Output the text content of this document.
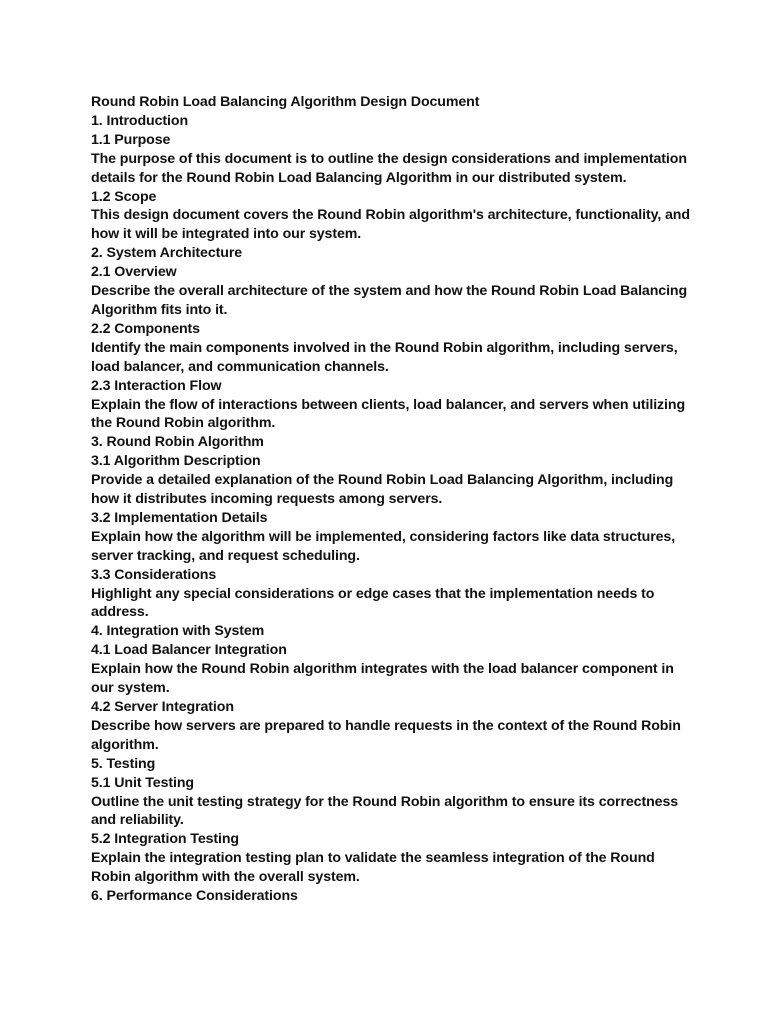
Round Robin Load Balancing Algorithm Design Document

1. Introduction

1.1 Purpose

The purpose of this document is to outline the design considerations and implementation details for the Round Robin Load Balancing Algorithm in our distributed system.

1.2 Scope

This design document covers the Round Robin algorithm's architecture, functionality, and how it will be integrated into our system.

2. System Architecture

2.1 Overview

Describe the overall architecture of the system and how the Round Robin Load Balancing Algorithm fits into it.

2.2 Components

Identify the main components involved in the Round Robin algorithm, including servers, load balancer, and communication channels.

2.3 Interaction Flow

Explain the flow of interactions between clients, load balancer, and servers when utilizing the Round Robin algorithm.

3. Round Robin Algorithm

3.1 Algorithm Description

Provide a detailed explanation of the Round Robin Load Balancing Algorithm, including how it distributes incoming requests among servers.

3.2 Implementation Details

Explain how the algorithm will be implemented, considering factors like data structures, server tracking, and request scheduling.

3.3 Considerations

Highlight any special considerations or edge cases that the implementation needs to address.

4. Integration with System

4.1 Load Balancer Integration

Explain how the Round Robin algorithm integrates with the load balancer component in our system.

4.2 Server Integration

Describe how servers are prepared to handle requests in the context of the Round Robin algorithm.

5. Testing

5.1 Unit Testing

Outline the unit testing strategy for the Round Robin algorithm to ensure its correctness and reliability.

5.2 Integration Testing

Explain the integration testing plan to validate the seamless integration of the Round Robin algorithm with the overall system.

6. Performance Considerations
